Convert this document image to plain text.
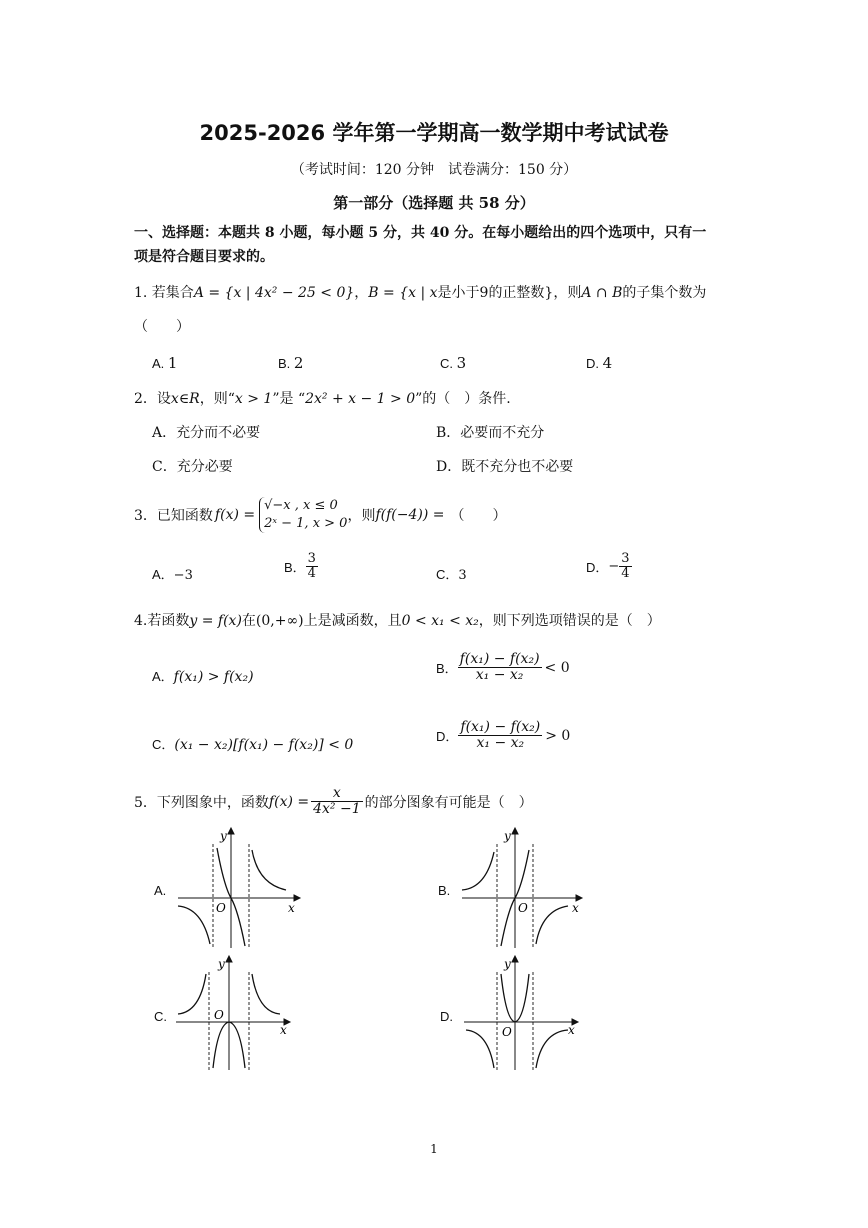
2025-2026 学年第一学期高一数学期中考试试卷
（考试时间：120 分钟　试卷满分：150 分）
第一部分（选择题 共 58 分）
一、选择题：本题共 8 小题，每小题 5 分，共 40 分。在每小题给出的四个选项中，只有一
项是符合题目要求的。
1. 若集合A = {x | 4x² − 25 < 0}，B = {x | x是小于9的正整数}，则A ∩ B的子集个数为
（　　）
A. 1	B. 2	C. 3	D. 4
2．设x∈R，则“x > 1”是 “2x² + x − 1 > 0”的（　）条件.
A．充分而不必要	B．必要而不充分
C．充分必要	D．既不充分也不必要
3．已知函数 f(x) =
√−x , x ≤ 0
2ˣ − 1, x > 0 ，则 f(f(−4)) = （　　）
A．−3
B． $\frac{3}{4}$	C．3
D． − $\frac{3}{4}$
4.若函数y = f(x)在(0,+∞)上是减函数，且0 < x₁ < x₂，则下列选项错误的是（　）
A．f(x₁) > f(x₂)
B． $\frac{\text{f(x₁) − f(x₂)}}{\text{x₁ − x₂}} < 0$
C．(x₁ − x₂)[f(x₁) − f(x₂)] < 0
D． $\frac{\text{f(x₁) − f(x₂)}}{\text{x₁ − x₂}} > 0$
5．下列图象中，函数 $f(x) = \frac{x}{\text{4x² −1}}$ 的部分图象有可能是（　）
A.
O	x
y
B.
O	x
y
C.	O
x
y
D.
O	x
y
1
